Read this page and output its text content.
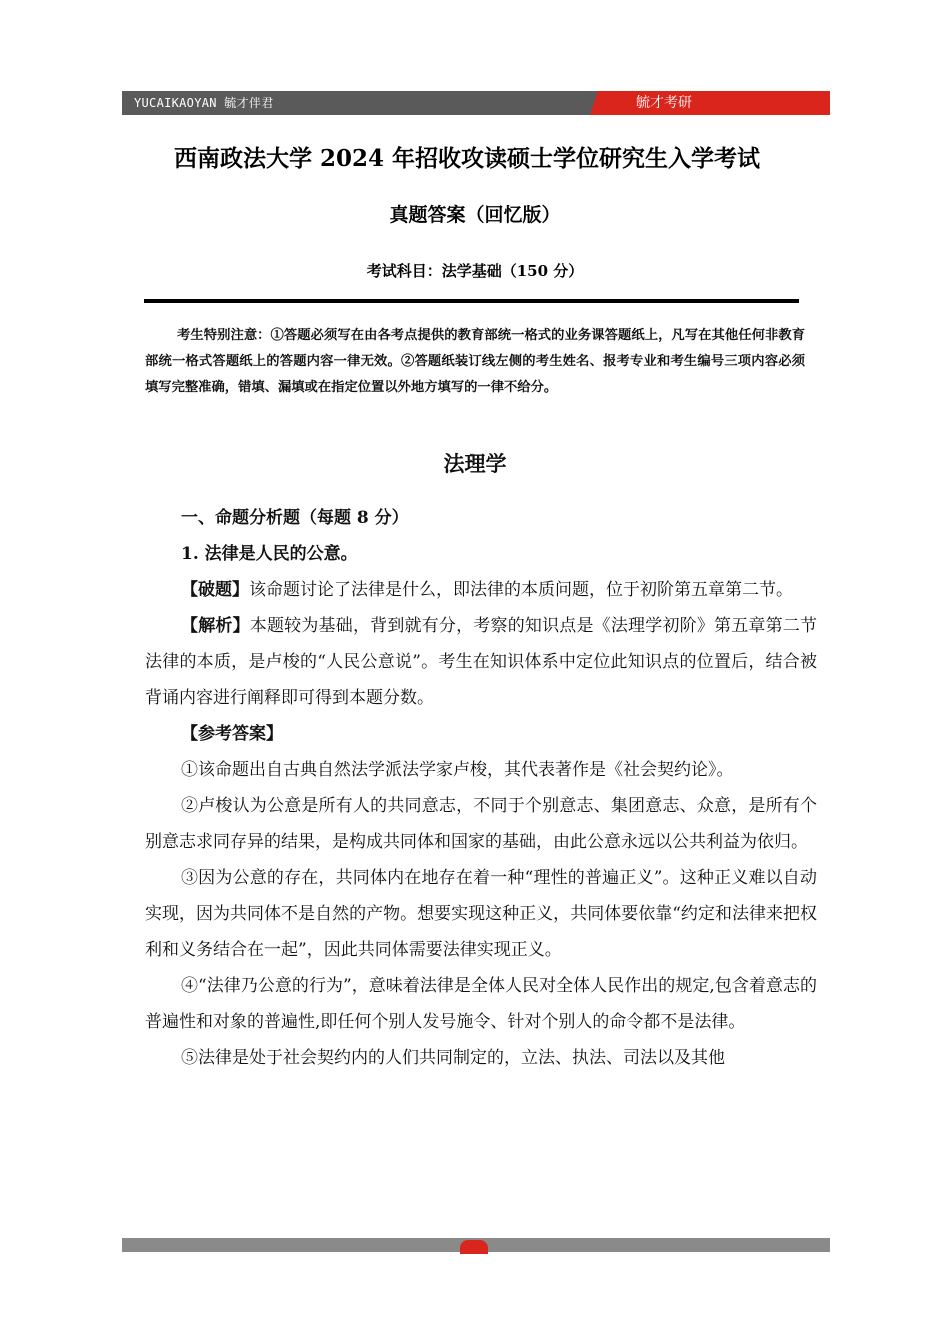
YUCAIKAOYAN 毓才伴君	毓才考研
西南政法大学 2024 年招收攻读硕士学位研究生入学考试
真题答案（回忆版）
考试科目：法学基础（150 分）

考生特别注意：①答题必须写在由各考点提供的教育部统一格式的业务课答题纸上，凡写在其他任何非教育部统一格式答题纸上的答题内容一律无效。②答题纸装订线左侧的考生姓名、报考专业和考生编号三项内容必须填写完整准确，错填、漏填或在指定位置以外地方填写的一律不给分。

法理学

一、命题分析题（每题 8 分）

1. 法律是人民的公意。

【破题】该命题讨论了法律是什么，即法律的本质问题，位于初阶第五章第二节。

【解析】本题较为基础，背到就有分，考察的知识点是《法理学初阶》第五章第二节法律的本质，是卢梭的“人民公意说”。考生在知识体系中定位此知识点的位置后，结合被背诵内容进行阐释即可得到本题分数。

【参考答案】

①该命题出自古典自然法学派法学家卢梭，其代表著作是《社会契约论》。

②卢梭认为公意是所有人的共同意志，不同于个别意志、集团意志、众意，是所有个别意志求同存异的结果，是构成共同体和国家的基础，由此公意永远以公共利益为依归。

③因为公意的存在，共同体内在地存在着一种“理性的普遍正义”。这种正义难以自动实现，因为共同体不是自然的产物。想要实现这种正义，共同体要依靠“约定和法律来把权利和义务结合在一起”，因此共同体需要法律实现正义。

④“法律乃公意的行为”，意味着法律是全体人民对全体人民作出的规定,包含着意志的普遍性和对象的普遍性,即任何个别人发号施令、针对个别人的命令都不是法律。

⑤法律是处于社会契约内的人们共同制定的，立法、执法、司法以及其他
